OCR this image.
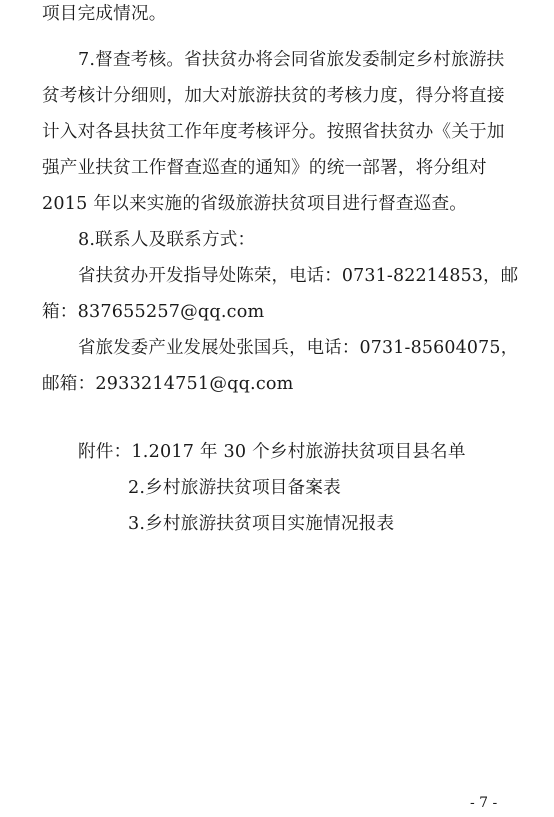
项目完成情况。
7.督查考核。省扶贫办将会同省旅发委制定乡村旅游扶
贫考核计分细则，加大对旅游扶贫的考核力度，得分将直接
计入对各县扶贫工作年度考核评分。按照省扶贫办《关于加
强产业扶贫工作督查巡查的通知》的统一部署，将分组对
2015 年以来实施的省级旅游扶贫项目进行督查巡查。
8.联系人及联系方式：
省扶贫办开发指导处陈荣，电话：0731-82214853，邮
箱：837655257@qq.com
省旅发委产业发展处张国兵，电话：0731-85604075，
邮箱：2933214751@qq.com
附件：1.2017 年 30 个乡村旅游扶贫项目县名单
2.乡村旅游扶贫项目备案表
3.乡村旅游扶贫项目实施情况报表
- 7 -
